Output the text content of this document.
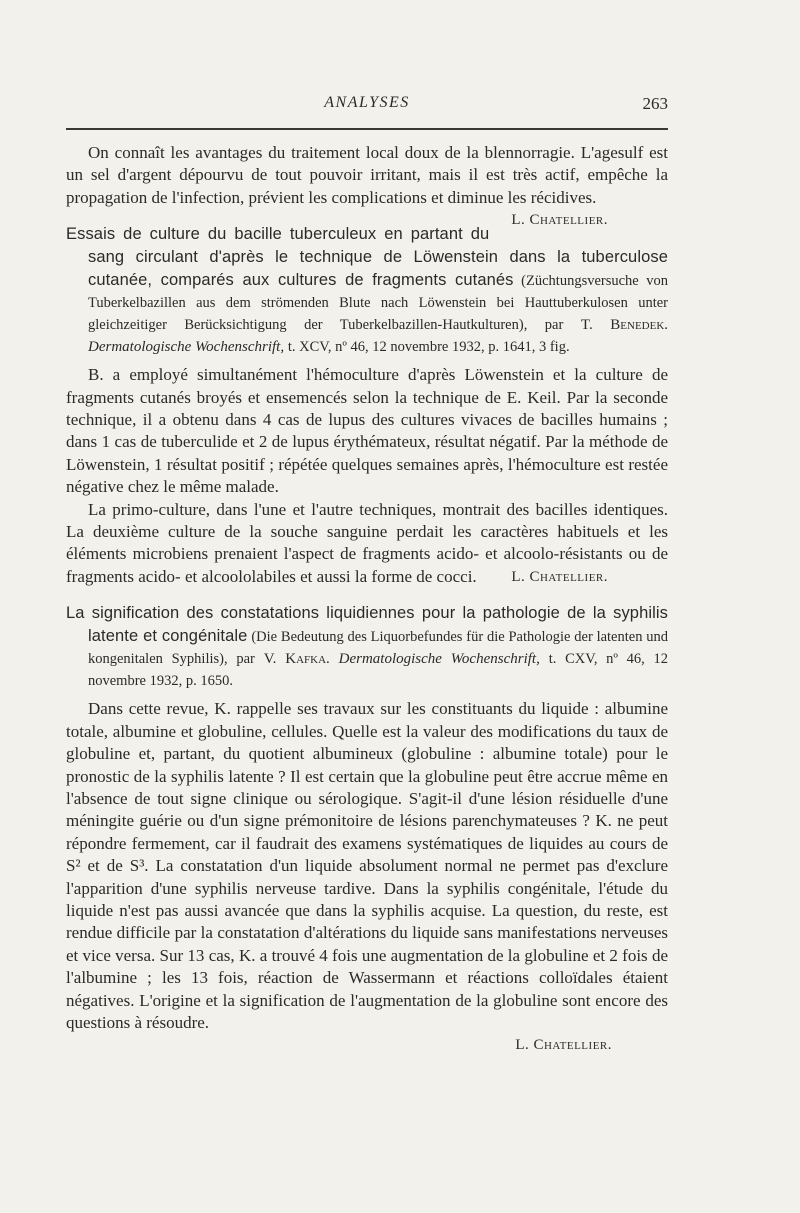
ANALYSES	263

On connaît les avantages du traitement local doux de la blennorragie. L'agesulf est un sel d'argent dépourvu de tout pouvoir irritant, mais il est très actif, empêche la propagation de l'infection, prévient les complications et diminue les récidives.
L. Chatellier.

Essais de culture du bacille tuberculeux en partant du sang circulant d'après le technique de Löwenstein dans la tuberculose cutanée, comparés aux cultures de fragments cutanés (Züchtungsversuche von Tuberkelbazillen aus dem strömenden Blute nach Löwenstein bei Hauttuberkulosen unter gleichzeitiger Berücksichtigung der Tuberkelbazillen-Hautkulturen), par T. Benedek. Dermatologische Wochenschrift, t. XCV, nº 46, 12 novembre 1932, p. 1641, 3 fig.

B. a employé simultanément l'hémoculture d'après Löwenstein et la culture de fragments cutanés broyés et ensemencés selon la technique de E. Keil. Par la seconde technique, il a obtenu dans 4 cas de lupus des cultures vivaces de bacilles humains ; dans 1 cas de tuberculide et 2 de lupus érythémateux, résultat négatif. Par la méthode de Löwenstein, 1 résultat positif ; répétée quelques semaines après, l'hémoculture est restée négative chez le même malade.

La primo-culture, dans l'une et l'autre techniques, montrait des bacilles identiques. La deuxième culture de la souche sanguine perdait les caractères habituels et les éléments microbiens prenaient l'aspect de fragments acido- et alcoolo-résistants ou de fragments acido- et alcoololabiles et aussi la forme de cocci.	L. Chatellier.

La signification des constatations liquidiennes pour la pathologie de la syphilis latente et congénitale (Die Bedeutung des Liquorbefundes für die Pathologie der latenten und kongenitalen Syphilis), par V. Kafka. Dermatologische Wochenschrift, t. CXV, nº 46, 12 novembre 1932, p. 1650.

Dans cette revue, K. rappelle ses travaux sur les constituants du liquide : albumine totale, albumine et globuline, cellules. Quelle est la valeur des modifications du taux de globuline et, partant, du quotient albumineux (globuline : albumine totale) pour le pronostic de la syphilis latente ? Il est certain que la globuline peut être accrue même en l'absence de tout signe clinique ou sérologique. S'agit-il d'une lésion résiduelle d'une méningite guérie ou d'un signe prémonitoire de lésions parenchymateuses ? K. ne peut répondre fermement, car il faudrait des examens systématiques de liquides au cours de S² et de S³. La constatation d'un liquide absolument normal ne permet pas d'exclure l'apparition d'une syphilis nerveuse tardive. Dans la syphilis congénitale, l'étude du liquide n'est pas aussi avancée que dans la syphilis acquise. La question, du reste, est rendue difficile par la constatation d'altérations du liquide sans manifestations nerveuses et vice versa. Sur 13 cas, K. a trouvé 4 fois une augmentation de la globuline et 2 fois de l'albumine ; les 13 fois, réaction de Wassermann et réactions colloïdales étaient négatives. L'origine et la signification de l'augmentation de la globuline sont encore des questions à résoudre.

L. Chatellier.
